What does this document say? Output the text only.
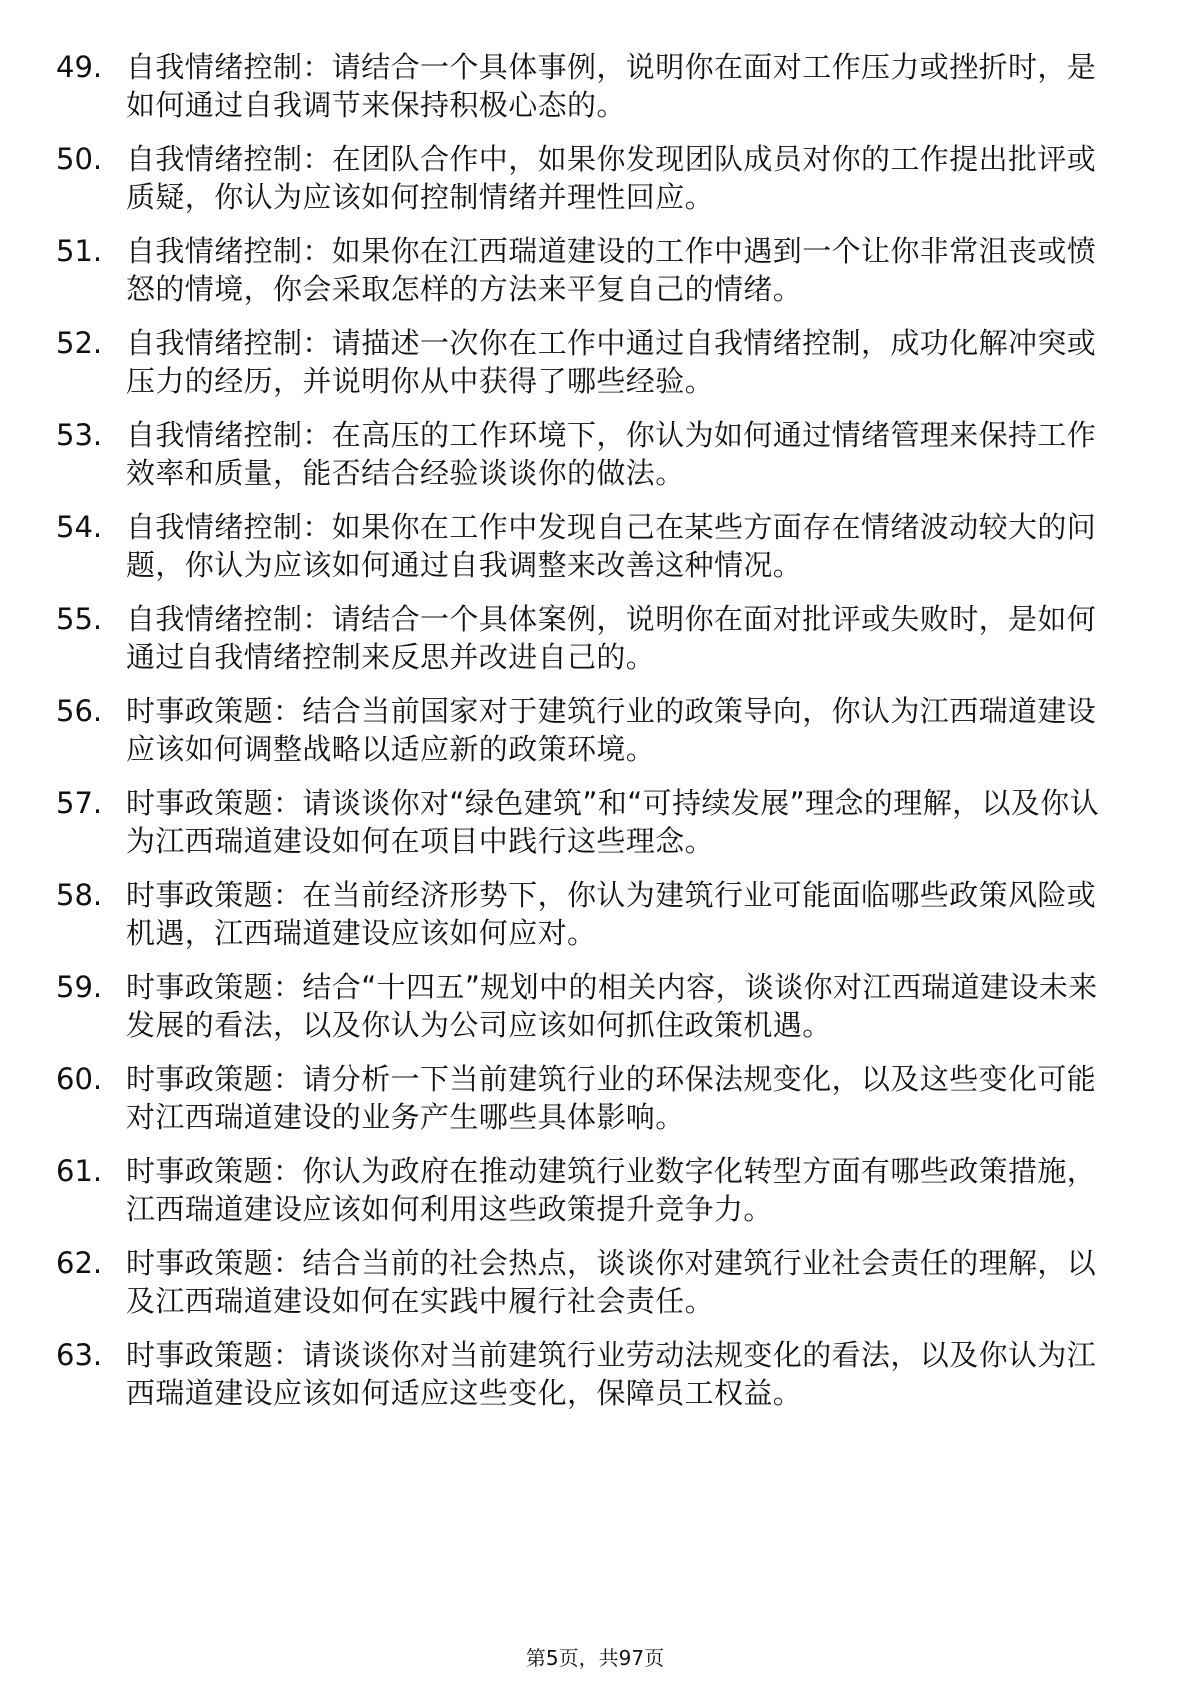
49. 自我情绪控制：请结合一个具体事例，说明你在面对工作压力或挫折时，是如何通过自我调节来保持积极心态的。
50. 自我情绪控制：在团队合作中，如果你发现团队成员对你的工作提出批评或质疑，你认为应该如何控制情绪并理性回应。
51. 自我情绪控制：如果你在江西瑞道建设的工作中遇到一个让你非常沮丧或愤怒的情境，你会采取怎样的方法来平复自己的情绪。
52. 自我情绪控制：请描述一次你在工作中通过自我情绪控制，成功化解冲突或压力的经历，并说明你从中获得了哪些经验。
53. 自我情绪控制：在高压的工作环境下，你认为如何通过情绪管理来保持工作效率和质量，能否结合经验谈谈你的做法。
54. 自我情绪控制：如果你在工作中发现自己在某些方面存在情绪波动较大的问题，你认为应该如何通过自我调整来改善这种情况。
55. 自我情绪控制：请结合一个具体案例，说明你在面对批评或失败时，是如何通过自我情绪控制来反思并改进自己的。
56. 时事政策题：结合当前国家对于建筑行业的政策导向，你认为江西瑞道建设应该如何调整战略以适应新的政策环境。
57. 时事政策题：请谈谈你对“绿色建筑”和“可持续发展”理念的理解，以及你认为江西瑞道建设如何在项目中践行这些理念。
58. 时事政策题：在当前经济形势下，你认为建筑行业可能面临哪些政策风险或机遇，江西瑞道建设应该如何应对。
59. 时事政策题：结合“十四五”规划中的相关内容，谈谈你对江西瑞道建设未来发展的看法，以及你认为公司应该如何抓住政策机遇。
60. 时事政策题：请分析一下当前建筑行业的环保法规变化，以及这些变化可能对江西瑞道建设的业务产生哪些具体影响。
61. 时事政策题：你认为政府在推动建筑行业数字化转型方面有哪些政策措施，江西瑞道建设应该如何利用这些政策提升竞争力。
62. 时事政策题：结合当前的社会热点，谈谈你对建筑行业社会责任的理解，以及江西瑞道建设如何在实践中履行社会责任。
63. 时事政策题：请谈谈你对当前建筑行业劳动法规变化的看法，以及你认为江西瑞道建设应该如何适应这些变化，保障员工权益。
第5页，共97页
